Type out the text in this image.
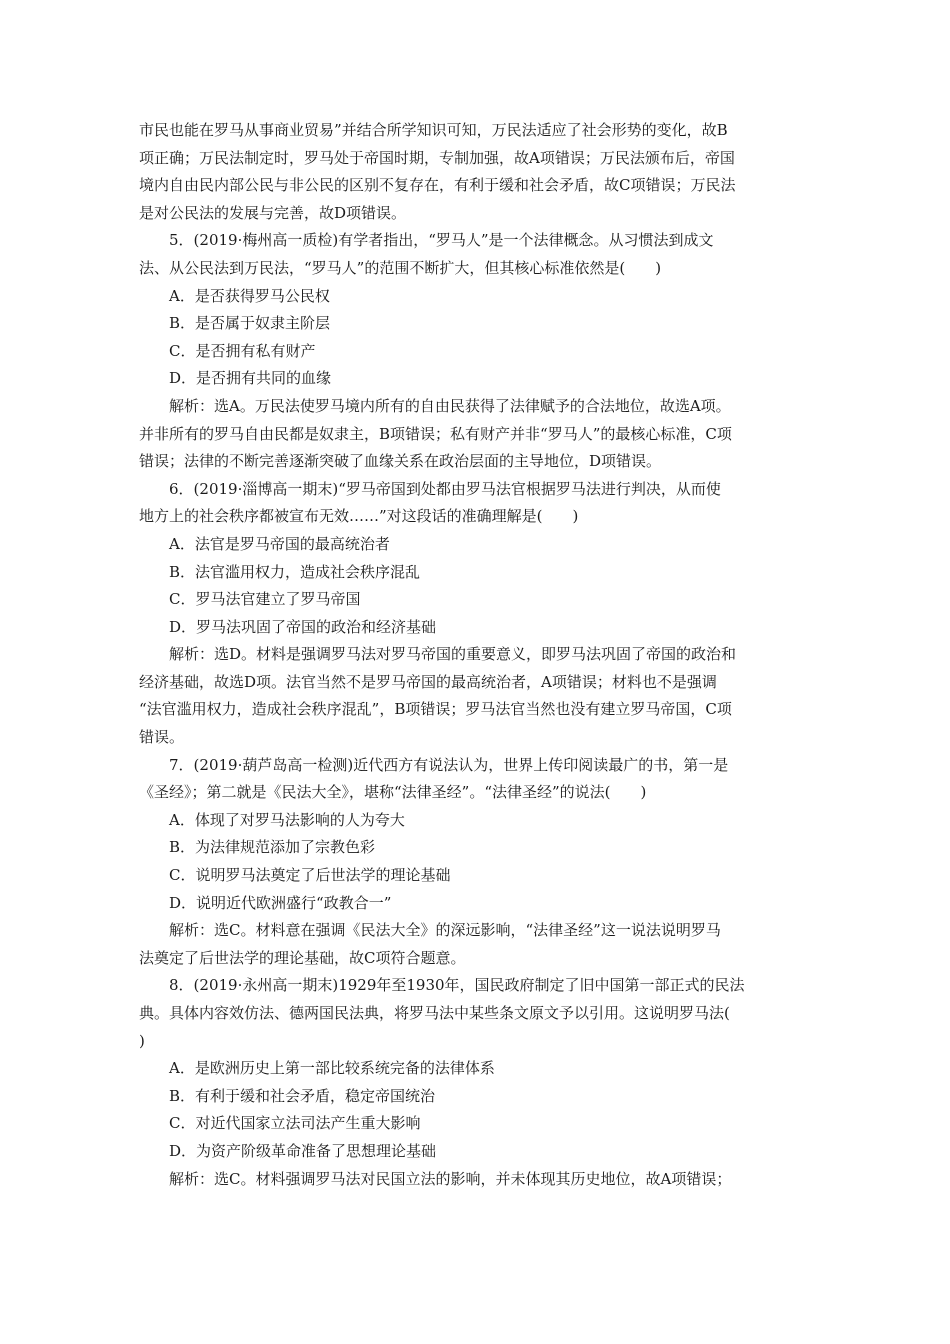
市民也能在罗马从事商业贸易”并结合所学知识可知，万民法适应了社会形势的变化，故B
项正确；万民法制定时，罗马处于帝国时期，专制加强，故A项错误；万民法颁布后，帝国
境内自由民内部公民与非公民的区别不复存在，有利于缓和社会矛盾，故C项错误；万民法
是对公民法的发展与完善，故D项错误。
5．(2019·梅州高一质检)有学者指出，“罗马人”是一个法律概念。从习惯法到成文
法、从公民法到万民法，“罗马人”的范围不断扩大，但其核心标准依然是(　　)
A．是否获得罗马公民权
B．是否属于奴隶主阶层
C．是否拥有私有财产
D．是否拥有共同的血缘
解析：选A。万民法使罗马境内所有的自由民获得了法律赋予的合法地位，故选A项。
并非所有的罗马自由民都是奴隶主，B项错误；私有财产并非“罗马人”的最核心标准，C项
错误；法律的不断完善逐渐突破了血缘关系在政治层面的主导地位，D项错误。
6．(2019·淄博高一期末)“罗马帝国到处都由罗马法官根据罗马法进行判决，从而使
地方上的社会秩序都被宣布无效……”对这段话的准确理解是(　　)
A．法官是罗马帝国的最高统治者
B．法官滥用权力，造成社会秩序混乱
C．罗马法官建立了罗马帝国
D．罗马法巩固了帝国的政治和经济基础
解析：选D。材料是强调罗马法对罗马帝国的重要意义，即罗马法巩固了帝国的政治和
经济基础，故选D项。法官当然不是罗马帝国的最高统治者，A项错误；材料也不是强调
“法官滥用权力，造成社会秩序混乱”，B项错误；罗马法官当然也没有建立罗马帝国，C项
错误。
7．(2019·葫芦岛高一检测)近代西方有说法认为，世界上传印阅读最广的书，第一是
《圣经》；第二就是《民法大全》，堪称“法律圣经”。“法律圣经”的说法(　　)
A．体现了对罗马法影响的人为夸大
B．为法律规范添加了宗教色彩
C．说明罗马法奠定了后世法学的理论基础
D．说明近代欧洲盛行“政教合一”
解析：选C。材料意在强调《民法大全》的深远影响，“法律圣经”这一说法说明罗马
法奠定了后世法学的理论基础，故C项符合题意。
8．(2019·永州高一期末)1929年至1930年，国民政府制定了旧中国第一部正式的民法
典。具体内容效仿法、德两国民法典，将罗马法中某些条文原文予以引用。这说明罗马法(
)
A．是欧洲历史上第一部比较系统完备的法律体系
B．有利于缓和社会矛盾，稳定帝国统治
C．对近代国家立法司法产生重大影响
D．为资产阶级革命准备了思想理论基础
解析：选C。材料强调罗马法对民国立法的影响，并未体现其历史地位，故A项错误；
